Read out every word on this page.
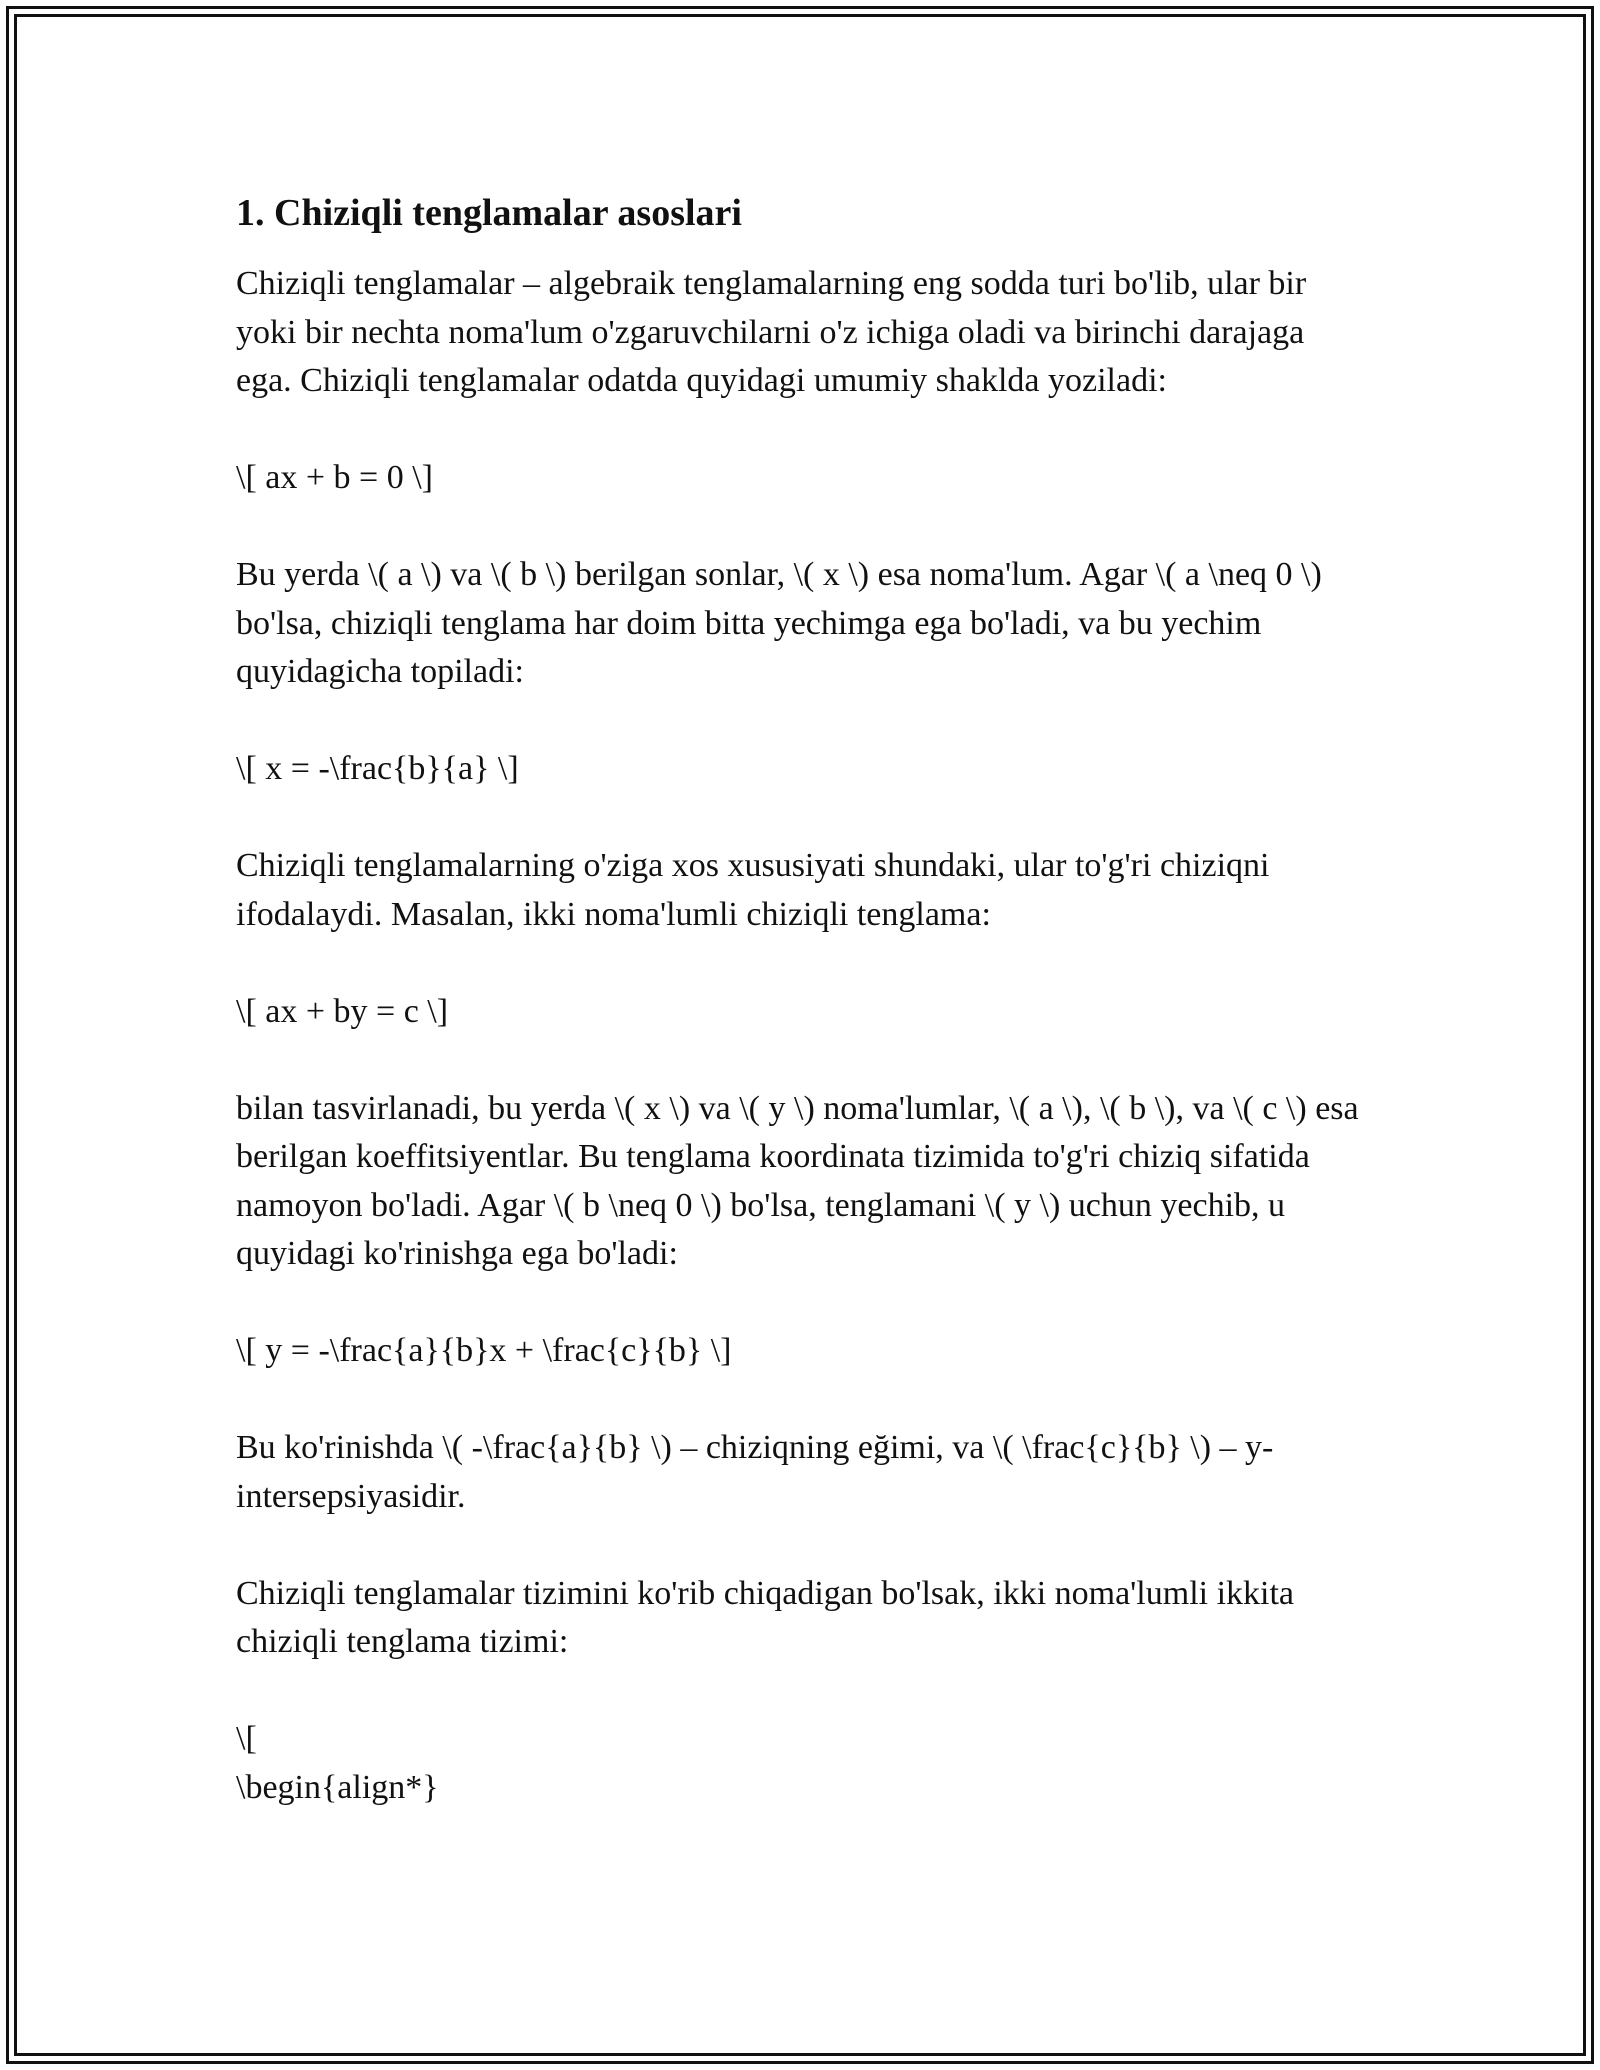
1. Chiziqli tenglamalar asoslari

Chiziqli tenglamalar – algebraik tenglamalarning eng sodda turi bo'lib, ular bir yoki bir nechta noma'lum o'zgaruvchilarni o'z ichiga oladi va birinchi darajaga ega. Chiziqli tenglamalar odatda quyidagi umumiy shaklda yoziladi:

\[ ax + b = 0 \]

Bu yerda \( a \) va \( b \) berilgan sonlar, \( x \) esa noma'lum. Agar \( a \neq 0 \) bo'lsa, chiziqli tenglama har doim bitta yechimga ega bo'ladi, va bu yechim quyidagicha topiladi:

\[ x = -\frac{b}{a} \]

Chiziqli tenglamalarning o'ziga xos xususiyati shundaki, ular to'g'ri chiziqni ifodalaydi. Masalan, ikki noma'lumli chiziqli tenglama:

\[ ax + by = c \]

bilan tasvirlanadi, bu yerda \( x \) va \( y \) noma'lumlar, \( a \), \( b \), va \( c \) esa berilgan koeffitsiyentlar. Bu tenglama koordinata tizimida to'g'ri chiziq sifatida namoyon bo'ladi. Agar \( b \neq 0 \) bo'lsa, tenglamani \( y \) uchun yechib, u quyidagi ko'rinishga ega bo'ladi:

\[ y = -\frac{a}{b}x + \frac{c}{b} \]

Bu ko'rinishda \( -\frac{a}{b} \) – chiziqning eğimi, va \( \frac{c}{b} \) – y-intersepsiyasidir.

Chiziqli tenglamalar tizimini ko'rib chiqadigan bo'lsak, ikki noma'lumli ikkita chiziqli tenglama tizimi:

\[

\begin{align*}
